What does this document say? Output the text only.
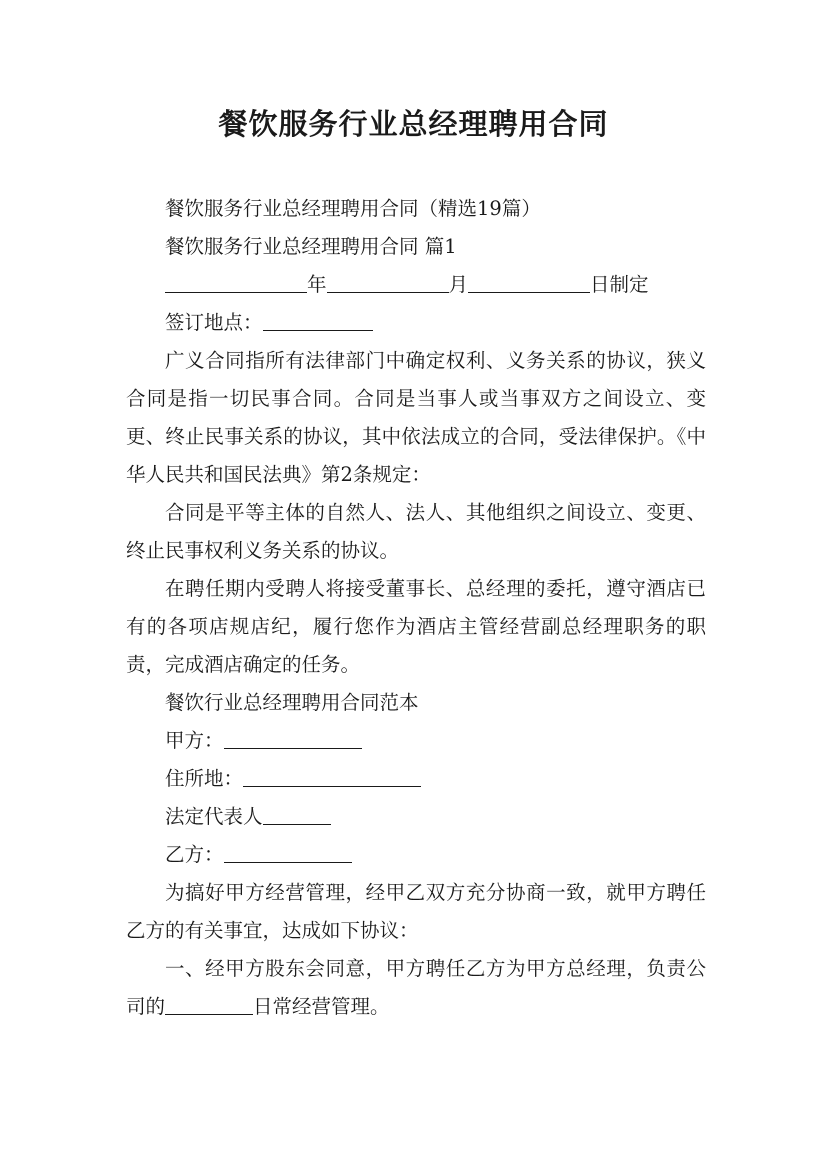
餐饮服务行业总经理聘用合同

餐饮服务行业总经理聘用合同（精选19篇）

餐饮服务行业总经理聘用合同 篇1

年	月	日制定

签订地点：

广义合同指所有法律部门中确定权利、义务关系的协议，狭义合同是指一切民事合同。合同是当事人或当事双方之间设立、变更、终止民事关系的协议，其中依法成立的合同，受法律保护。《中华人民共和国民法典》第2条规定：

合同是平等主体的自然人、法人、其他组织之间设立、变更、终止民事权利义务关系的协议。

在聘任期内受聘人将接受董事长、总经理的委托，遵守酒店已有的各项店规店纪，履行您作为酒店主管经营副总经理职务的职责，完成酒店确定的任务。

餐饮行业总经理聘用合同范本

甲方：

住所地：

法定代表人

乙方：

为搞好甲方经营管理，经甲乙双方充分协商一致，就甲方聘任乙方的有关事宜，达成如下协议：

一、经甲方股东会同意，甲方聘任乙方为甲方总经理，负责公司的	日常经营管理。
